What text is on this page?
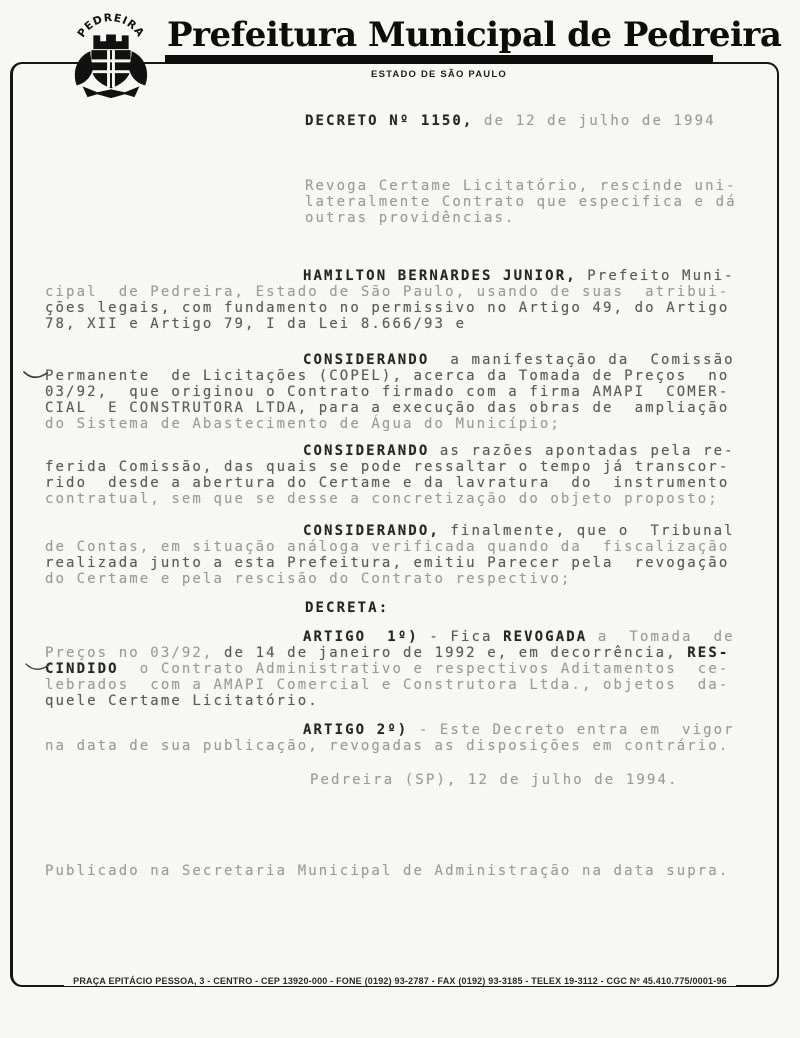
PEDREIRA Prefeitura Municipal de Pedreira
ESTADO DE SÃO PAULO
DECRETO Nº 1150, de 12 de julho de 1994
Revoga Certame Licitatório, rescinde uni-
lateralmente Contrato que especifica e dá
outras providências.
HAMILTON BERNARDES JUNIOR, Prefeito Muni-
cipal  de Pedreira, Estado de São Paulo, usando de suas  atribui-
ções legais, com fundamento no permissivo no Artigo 49, do Artigo
78, XII e Artigo 79, I da Lei 8.666/93 e
CONSIDERANDO  a manifestação da  Comissão
Permanente  de Licitações (COPEL), acerca da Tomada de Preços  no
03/92,  que originou o Contrato firmado com a firma AMAPI  COMER-
CIAL  E CONSTRUTORA LTDA, para a execução das obras de  ampliação
do Sistema de Abastecimento de Água do Município;
CONSIDERANDO as razões apontadas pela re-
ferida Comissão, das quais se pode ressaltar o tempo já transcor-
rido  desde a abertura do Certame e da lavratura  do  instrumento
contratual, sem que se desse a concretização do objeto proposto;
CONSIDERANDO, finalmente, que o  Tribunal
de Contas, em situação análoga verificada quando da  fiscalização
realizada junto a esta Prefeitura, emitiu Parecer pela  revogação
do Certame e pela rescisão do Contrato respectivo;
DECRETA:
ARTIGO  1º) - Fica REVOGADA a  Tomada  de
Preços no 03/92, de 14 de janeiro de 1992 e, em decorrência, RES-
CINDIDO  o Contrato Administrativo e respectivos Aditamentos  ce-
lebrados  com a AMAPI Comercial e Construtora Ltda., objetos  da-
quele Certame Licitatório.
ARTIGO 2º) - Este Decreto entra em  vigor
na data de sua publicação, revogadas as disposições em contrário.
Pedreira (SP), 12 de julho de 1994.
Publicado na Secretaria Municipal de Administração na data supra.
PRAÇA EPITÁCIO PESSOA, 3 - CENTRO - CEP 13920-000 - FONE (0192) 93-2787 - FAX (0192) 93-3185 - TELEX 19-3112 - CGC Nº 45.410.775/0001-96
